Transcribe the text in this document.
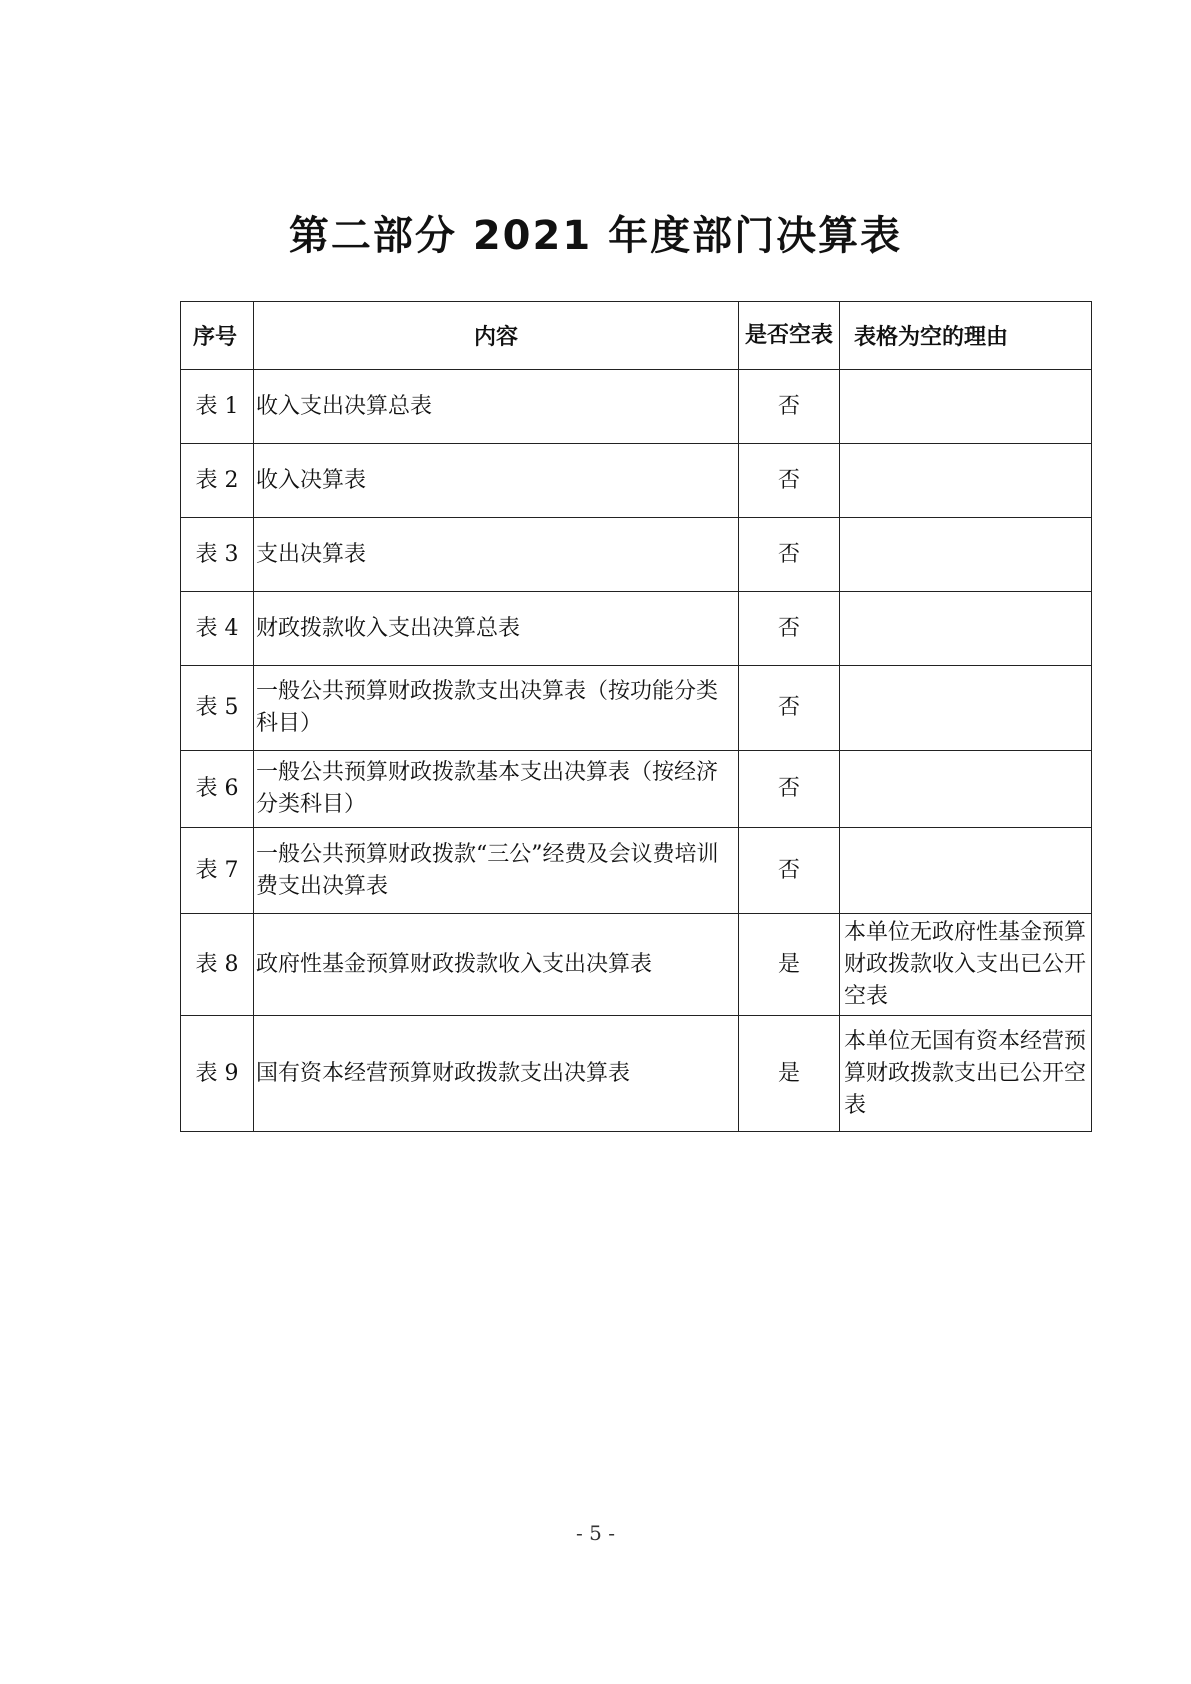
第二部分 2021 年度部门决算表
序号	内容	是否空表	表格为空的理由
表 1	收入支出决算总表	否	
表 2	收入决算表	否	
表 3	支出决算表	否	
表 4	财政拨款收入支出决算总表	否	
表 5	一般公共预算财政拨款支出决算表（按功能分类科目）	否	
表 6	一般公共预算财政拨款基本支出决算表（按经济分类科目）	否	
表 7	一般公共预算财政拨款“三公”经费及会议费培训费支出决算表	否	
表 8	政府性基金预算财政拨款收入支出决算表	是	本单位无政府性基金预算财政拨款收入支出已公开空表
表 9	国有资本经营预算财政拨款支出决算表	是	本单位无国有资本经营预算财政拨款支出已公开空表
- 5 -
